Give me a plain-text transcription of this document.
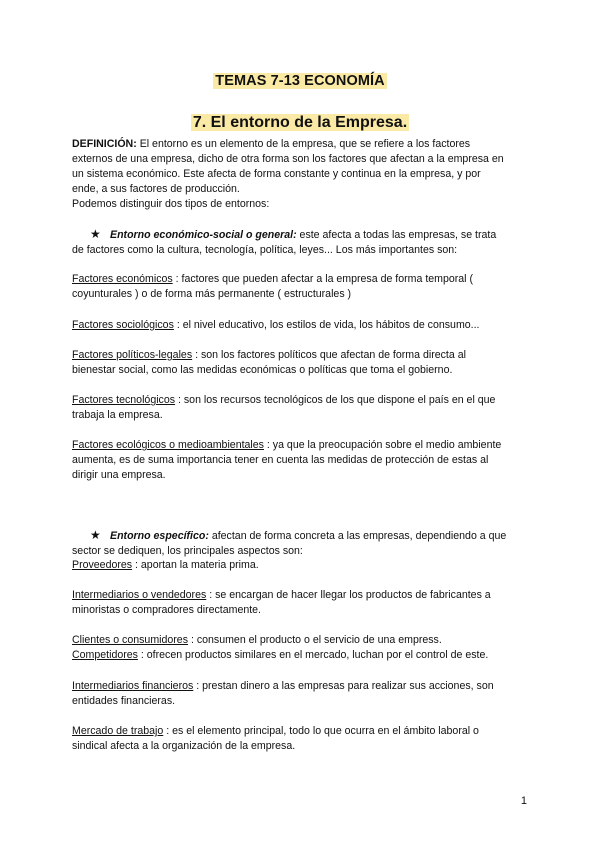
TEMAS 7-13 ECONOMÍA
7. El entorno de la Empresa.
DEFINICIÓN: El entorno es un elemento de la empresa, que se refiere a los factores
externos de una empresa, dicho de otra forma son los factores que afectan a la empresa en
un sistema económico. Este afecta de forma constante y continua en la empresa, y por
ende, a sus factores de producción.
Podemos distinguir dos tipos de entornos:
★ Entorno económico-social o general: este afecta a todas las empresas, se trata
de factores como la cultura, tecnología, política, leyes... Los más importantes son:
Factores económicos : factores que pueden afectar a la empresa de forma temporal (
coyunturales ) o de forma más permanente ( estructurales )
Factores sociológicos : el nivel educativo, los estilos de vida, los hábitos de consumo...
Factores políticos-legales : son los factores políticos que afectan de forma directa al
bienestar social, como las medidas económicas o políticas que toma el gobierno.
Factores tecnológicos : son los recursos tecnológicos de los que dispone el país en el que
trabaja la empresa.
Factores ecológicos o medioambientales : ya que la preocupación sobre el medio ambiente
aumenta, es de suma importancia tener en cuenta las medidas de protección de estas al
dirigir una empresa.
★ Entorno específico: afectan de forma concreta a las empresas, dependiendo a que
sector se dediquen, los principales aspectos son:
Proveedores : aportan la materia prima.
Intermediarios o vendedores : se encargan de hacer llegar los productos de fabricantes a
minoristas o compradores directamente.
Clientes o consumidores : consumen el producto o el servicio de una empress.
Competidores : ofrecen productos similares en el mercado, luchan por el control de este.
Intermediarios financieros : prestan dinero a las empresas para realizar sus acciones, son
entidades financieras.
Mercado de trabajo : es el elemento principal, todo lo que ocurra en el ámbito laboral o
sindical afecta a la organización de la empresa.
1
